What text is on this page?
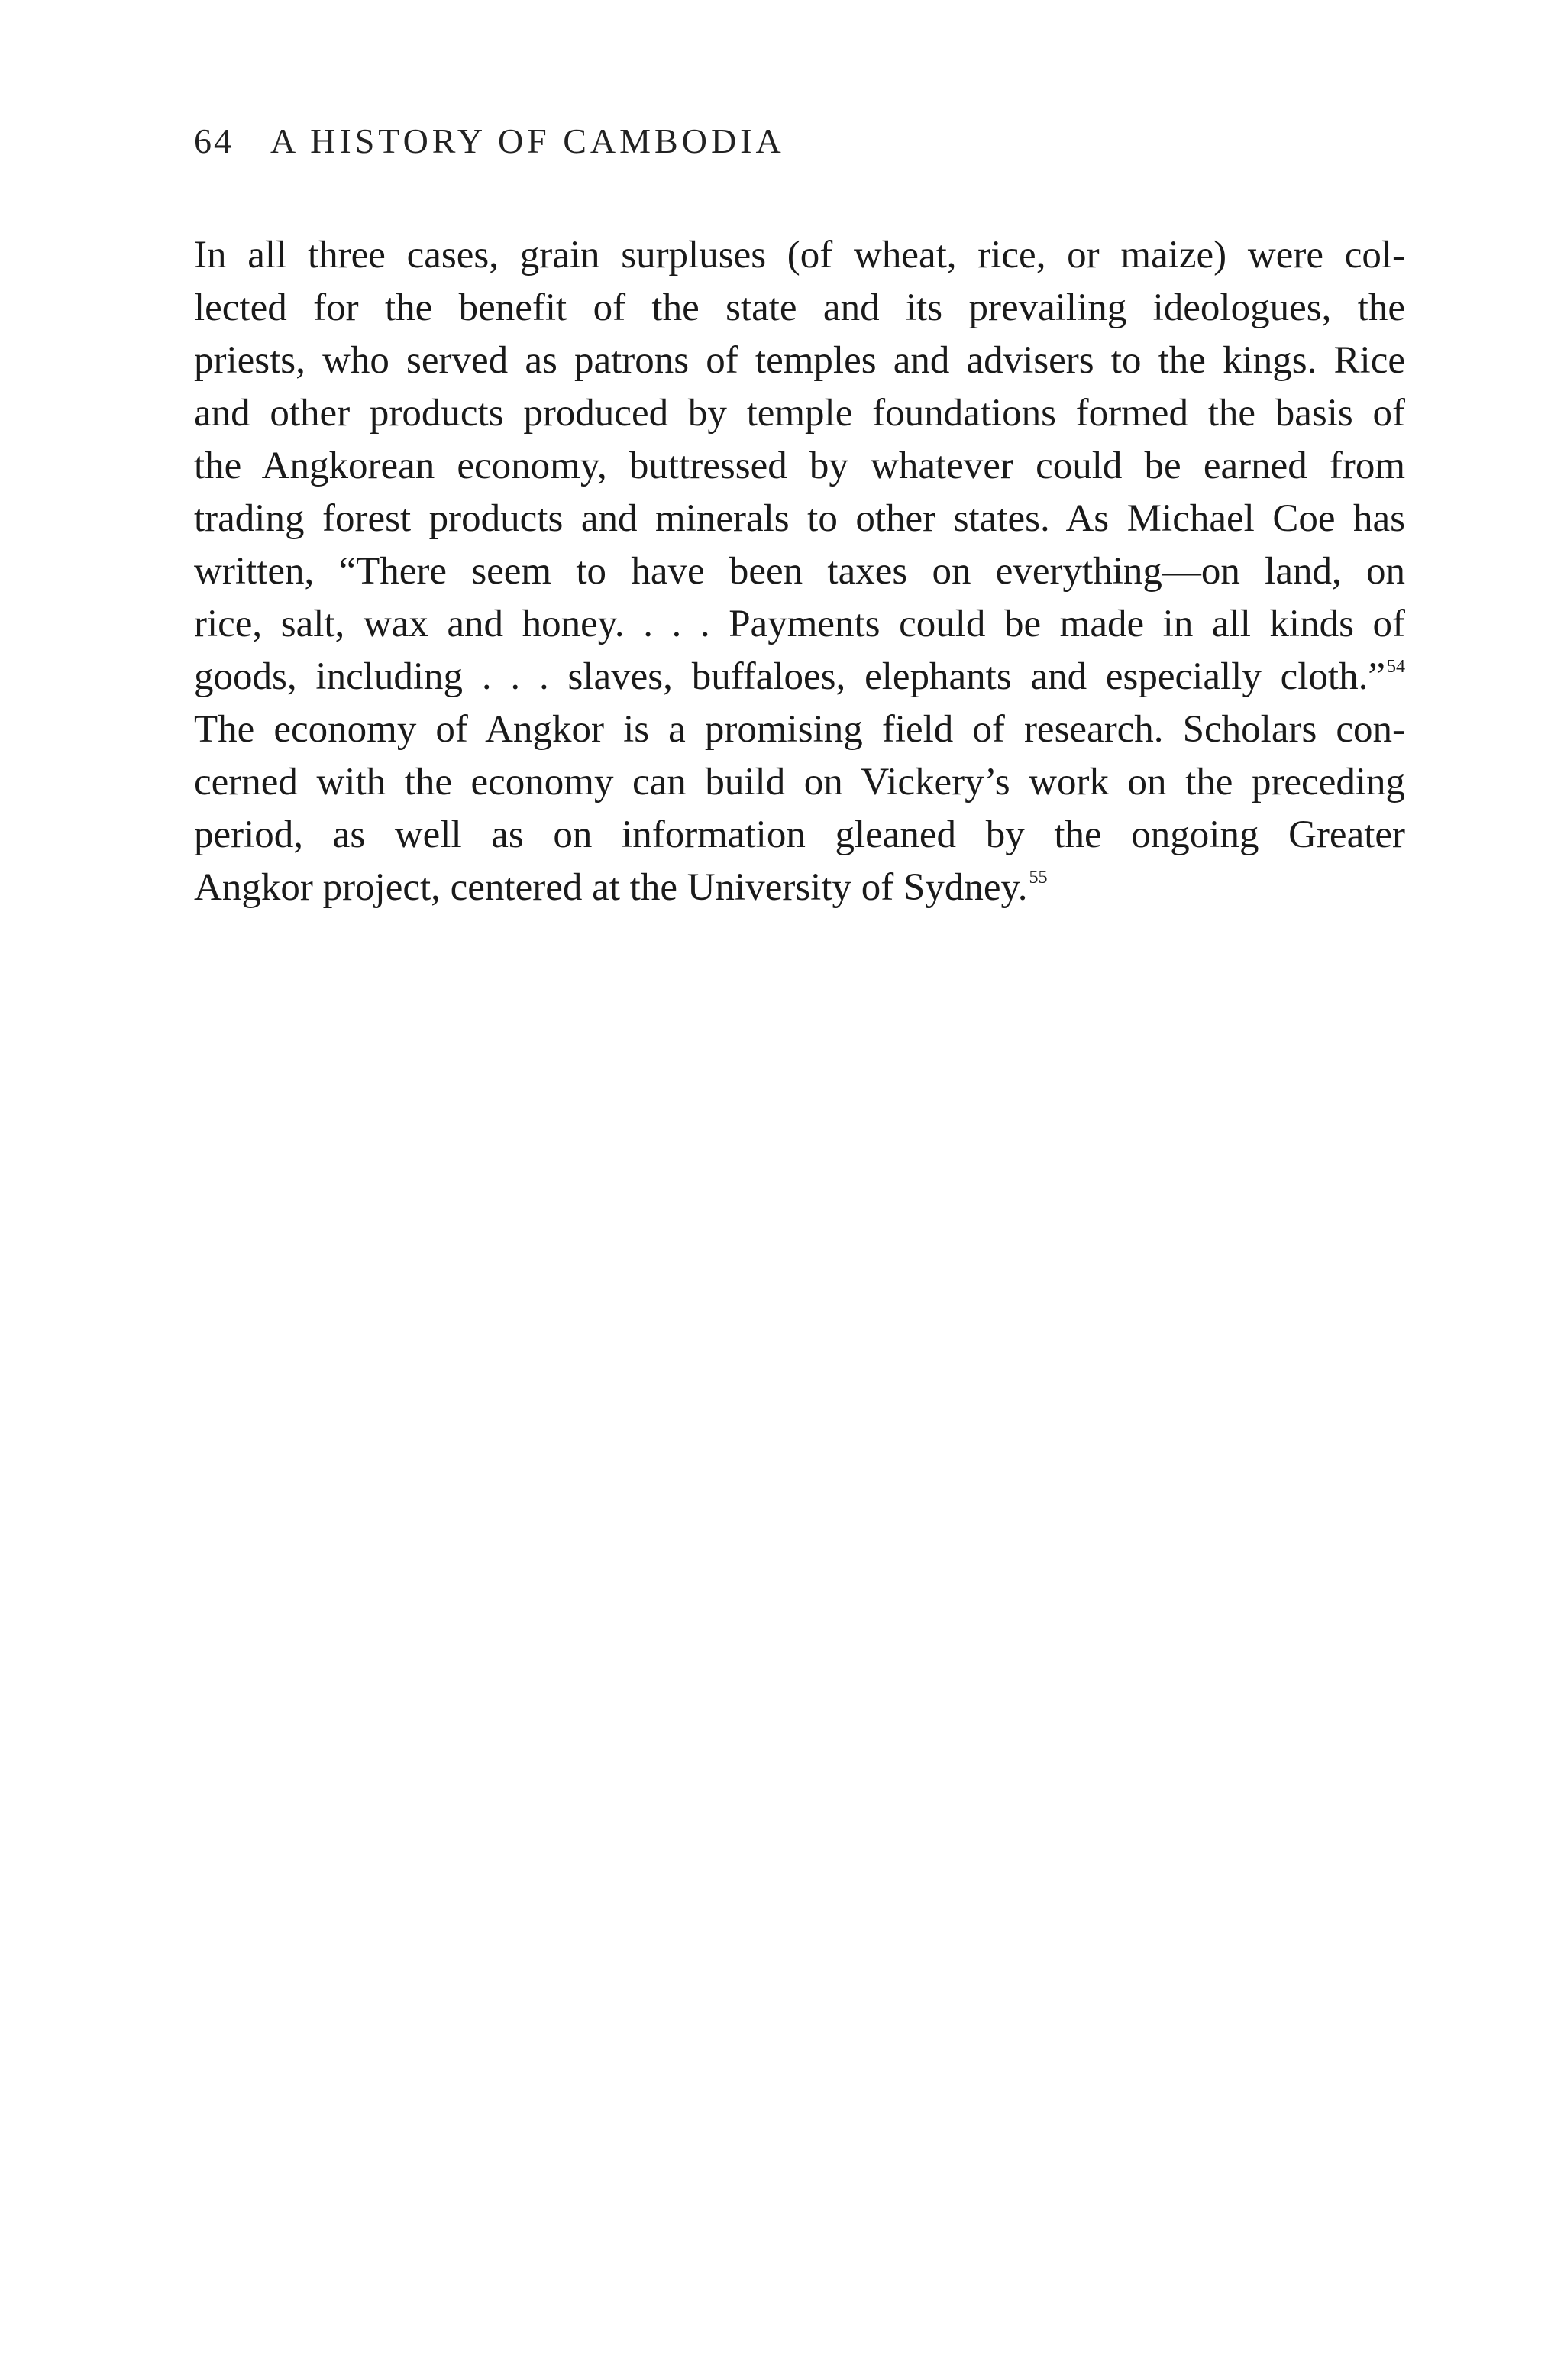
64 A HISTORY OF CAMBODIA
In all three cases, grain surpluses (of wheat, rice, or maize) were col-
lected for the benefit of the state and its prevailing ideologues, the
priests, who served as patrons of temples and advisers to the kings. Rice
and other products produced by temple foundations formed the basis of
the Angkorean economy, buttressed by whatever could be earned from
trading forest products and minerals to other states. As Michael Coe has
written, “There seem to have been taxes on everything—on land, on
rice, salt, wax and honey. . . . Payments could be made in all kinds of
goods, including . . . slaves, buffaloes, elephants and especially cloth.”$^{54}$
The economy of Angkor is a promising field of research. Scholars con-
cerned with the economy can build on Vickery’s work on the preceding
period, as well as on information gleaned by the ongoing Greater
Angkor project, centered at the University of Sydney.$^{55}$
